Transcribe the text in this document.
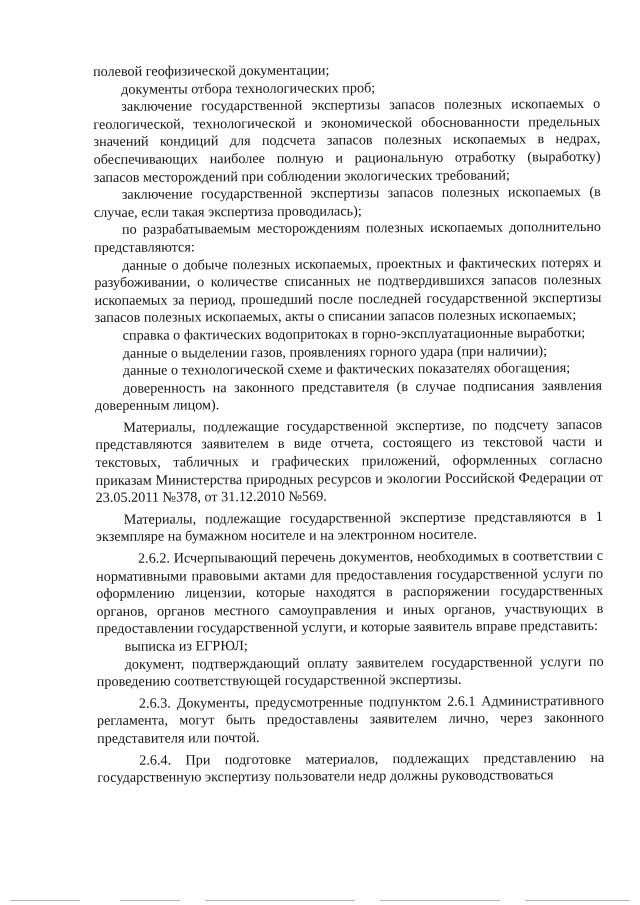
полевой геофизической документации;

документы отбора технологических проб;

заключение государственной экспертизы запасов полезных ископаемых о геологической, технологической и экономической обоснованности предельных значений кондиций для подсчета запасов полезных ископаемых в недрах, обеспечивающих наиболее полную и рациональную отработку (выработку) запасов месторождений при соблюдении экологических требований;

заключение государственной экспертизы запасов полезных ископаемых (в случае, если такая экспертиза проводилась);

по разрабатываемым месторождениям полезных ископаемых дополнительно представляются:

данные о добыче полезных ископаемых, проектных и фактических потерях и разубоживании, о количестве списанных не подтвердившихся запасов полезных ископаемых за период, прошедший после последней государственной экспертизы запасов полезных ископаемых, акты о списании запасов полезных ископаемых;

справка о фактических водопритоках в горно-эксплуатационные выработки;

данные о выделении газов, проявлениях горного удара (при наличии);

данные о технологической схеме и фактических показателях обогащения;

доверенность на законного представителя (в случае подписания заявления доверенным лицом).

Материалы, подлежащие государственной экспертизе, по подсчету запасов представляются заявителем в виде отчета, состоящего из текстовой части и текстовых, табличных и графических приложений, оформленных согласно приказам Министерства природных ресурсов и экологии Российской Федерации от 23.05.2011 №378, от 31.12.2010 №569.

Материалы, подлежащие государственной экспертизе представляются в 1 экземпляре на бумажном носителе и на электронном носителе.

2.6.2. Исчерпывающий перечень документов, необходимых в соответствии с нормативными правовыми актами для предоставления государственной услуги по оформлению лицензии, которые находятся в распоряжении государственных органов, органов местного самоуправления и иных органов, участвующих в предоставлении государственной услуги, и которые заявитель вправе представить:

выписка из ЕГРЮЛ;

документ, подтверждающий оплату заявителем государственной услуги по проведению соответствующей государственной экспертизы.

2.6.3. Документы, предусмотренные подпунктом 2.6.1 Административного регламента, могут быть предоставлены заявителем лично, через законного представителя или почтой.

2.6.4. При подготовке материалов, подлежащих представлению на государственную экспертизу пользователи недр должны руководствоваться
